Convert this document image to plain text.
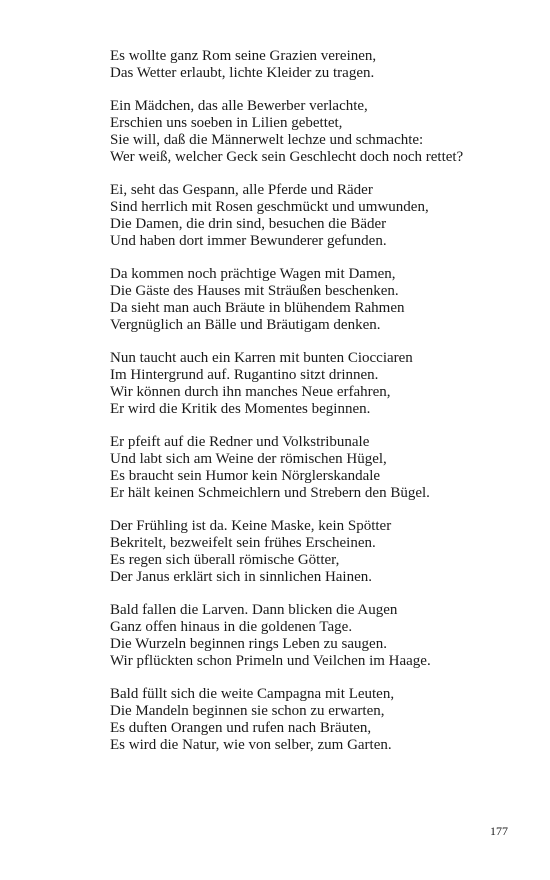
Es wollte ganz Rom seine Grazien vereinen,
Das Wetter erlaubt, lichte Kleider zu tragen.
Ein Mädchen, das alle Bewerber verlachte,
Erschien uns soeben in Lilien gebettet,
Sie will, daß die Männerwelt lechze und schmachte:
Wer weiß, welcher Geck sein Geschlecht doch noch rettet?
Ei, seht das Gespann, alle Pferde und Räder
Sind herrlich mit Rosen geschmückt und umwunden,
Die Damen, die drin sind, besuchen die Bäder
Und haben dort immer Bewunderer gefunden.
Da kommen noch prächtige Wagen mit Damen,
Die Gäste des Hauses mit Sträußen beschenken.
Da sieht man auch Bräute in blühendem Rahmen
Vergnüglich an Bälle und Bräutigam denken.
Nun taucht auch ein Karren mit bunten Ciocciaren
Im Hintergrund auf. Rugantino sitzt drinnen.
Wir können durch ihn manches Neue erfahren,
Er wird die Kritik des Momentes beginnen.
Er pfeift auf die Redner und Volkstribunale
Und labt sich am Weine der römischen Hügel,
Es braucht sein Humor kein Nörglerskandale
Er hält keinen Schmeichlern und Strebern den Bügel.
Der Frühling ist da. Keine Maske, kein Spötter
Bekritelt, bezweifelt sein frühes Erscheinen.
Es regen sich überall römische Götter,
Der Janus erklärt sich in sinnlichen Hainen.
Bald fallen die Larven. Dann blicken die Augen
Ganz offen hinaus in die goldenen Tage.
Die Wurzeln beginnen rings Leben zu saugen.
Wir pflückten schon Primeln und Veilchen im Haage.
Bald füllt sich die weite Campagna mit Leuten,
Die Mandeln beginnen sie schon zu erwarten,
Es duften Orangen und rufen nach Bräuten,
Es wird die Natur, wie von selber, zum Garten.
177
